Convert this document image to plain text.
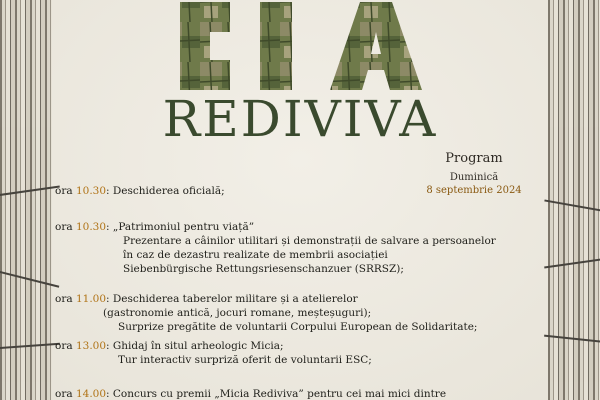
REDIVIVA
Program
Duminică
8 septembrie 2024
ora 10.30: Deschiderea oficială;
ora 10.30: „Patrimoniul pentru viață”
Prezentare a câinilor utilitari și demonstrații de salvare a persoanelor
în caz de dezastru realizate de membrii asociației
Siebenbürgische Rettungsriesenschanzuer (SRRSZ);
ora 11.00: Deschiderea taberelor militare și a atelierelor
(gastronomie antică, jocuri romane, meșteșuguri);
Surprize pregătite de voluntarii Corpului European de Solidaritate;
ora 13.00: Ghidaj în situl arheologic Micia;
Tur interactiv surpriză oferit de voluntarii ESC;
ora 14.00: Concurs cu premii „Micia Rediviva” pentru cei mai mici dintre
